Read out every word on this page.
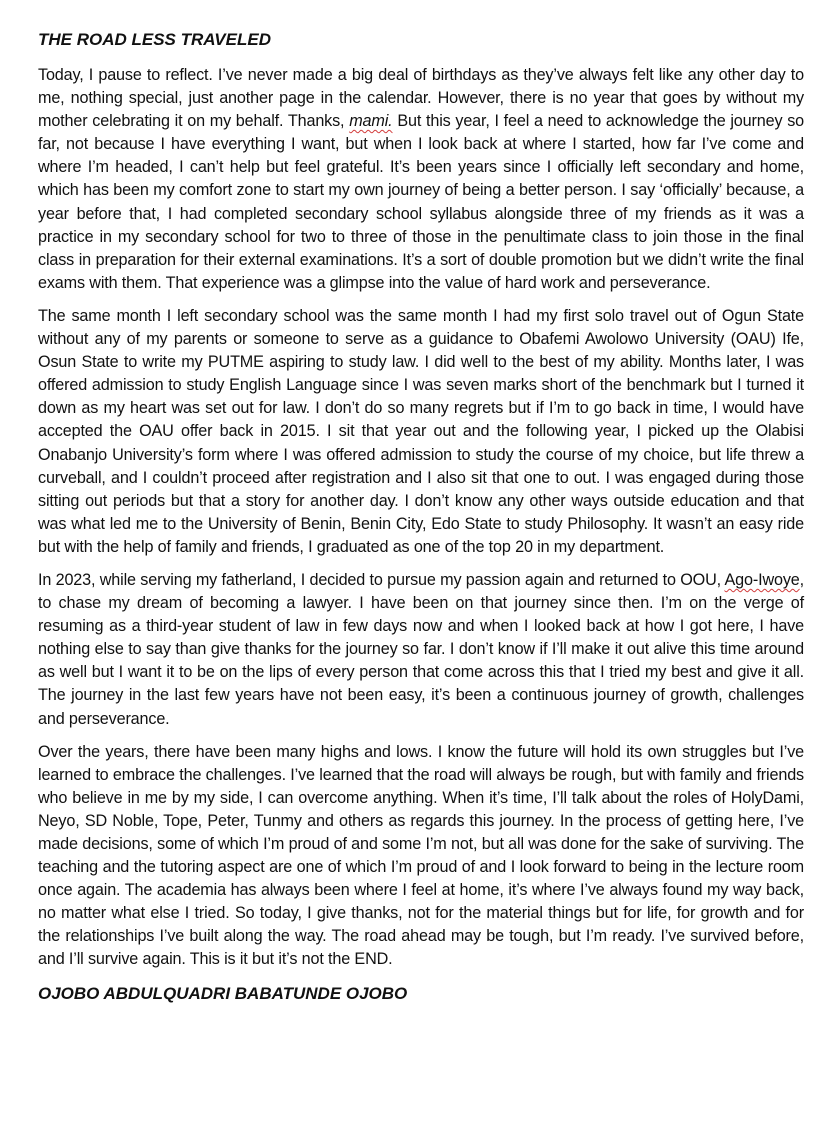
THE ROAD LESS TRAVELED

Today, I pause to reflect. I’ve never made a big deal of birthdays as they’ve always felt like any other day to me, nothing special, just another page in the calendar. However, there is no year that goes by without my mother celebrating it on my behalf. Thanks, mami. But this year, I feel a need to acknowledge the journey so far, not because I have everything I want, but when I look back at where I started, how far I’ve come and where I’m headed, I can’t help but feel grateful. It’s been years since I officially left secondary and home, which has been my comfort zone to start my own journey of being a better person. I say ‘officially’ because, a year before that, I had completed secondary school syllabus alongside three of my friends as it was a practice in my secondary school for two to three of those in the penultimate class to join those in the final class in preparation for their external examinations. It’s a sort of double promotion but we didn’t write the final exams with them. That experience was a glimpse into the value of hard work and perseverance.

The same month I left secondary school was the same month I had my first solo travel out of Ogun State without any of my parents or someone to serve as a guidance to Obafemi Awolowo University (OAU) Ife, Osun State to write my PUTME aspiring to study law. I did well to the best of my ability. Months later, I was offered admission to study English Language since I was seven marks short of the benchmark but I turned it down as my heart was set out for law. I don’t do so many regrets but if I’m to go back in time, I would have accepted the OAU offer back in 2015. I sit that year out and the following year, I picked up the Olabisi Onabanjo University’s form where I was offered admission to study the course of my choice, but life threw a curveball, and I couldn’t proceed after registration and I also sit that one to out. I was engaged during those sitting out periods but that a story for another day. I don’t know any other ways outside education and that was what led me to the University of Benin, Benin City, Edo State to study Philosophy. It wasn’t an easy ride but with the help of family and friends, I graduated as one of the top 20 in my department.

In 2023, while serving my fatherland, I decided to pursue my passion again and returned to OOU, Ago-Iwoye, to chase my dream of becoming a lawyer. I have been on that journey since then. I’m on the verge of resuming as a third-year student of law in few days now and when I looked back at how I got here, I have nothing else to say than give thanks for the journey so far. I don’t know if I’ll make it out alive this time around as well but I want it to be on the lips of every person that come across this that I tried my best and give it all. The journey in the last few years have not been easy, it’s been a continuous journey of growth, challenges and perseverance.

Over the years, there have been many highs and lows. I know the future will hold its own struggles but I’ve learned to embrace the challenges. I’ve learned that the road will always be rough, but with family and friends who believe in me by my side, I can overcome anything. When it’s time, I’ll talk about the roles of HolyDami, Neyo, SD Noble, Tope, Peter, Tunmy and others as regards this journey. In the process of getting here, I’ve made decisions, some of which I’m proud of and some I’m not, but all was done for the sake of surviving. The teaching and the tutoring aspect are one of which I’m proud of and I look forward to being in the lecture room once again. The academia has always been where I feel at home, it’s where I’ve always found my way back, no matter what else I tried. So today, I give thanks, not for the material things but for life, for growth and for the relationships I’ve built along the way. The road ahead may be tough, but I’m ready. I’ve survived before, and I’ll survive again. This is it but it’s not the END.

OJOBO ABDULQUADRI BABATUNDE OJOBO
